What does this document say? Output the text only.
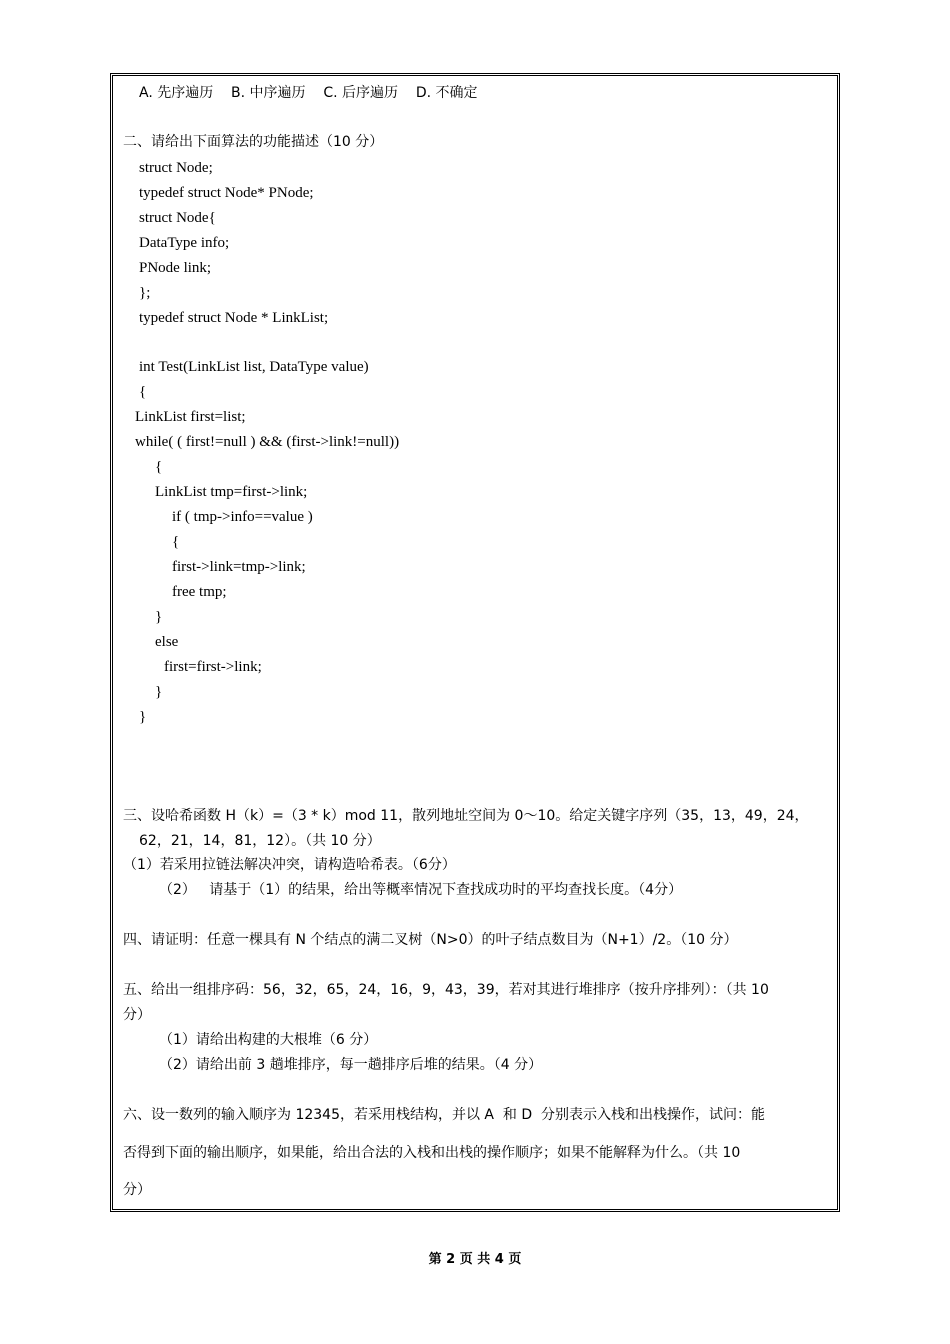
A. 先序遍历    B. 中序遍历    C. 后序遍历    D. 不确定
二、请给出下面算法的功能描述（10 分）
struct Node;
typedef struct Node* PNode;
struct Node{
DataType info;
PNode link;
};
typedef struct Node * LinkList;
int Test(LinkList list, DataType value)
{
LinkList first=list;
while( ( first!=null ) && (first->link!=null))
{
LinkList tmp=first->link;
if ( tmp->info==value )
{
first->link=tmp->link;
free tmp;
}
else
first=first->link;
}
}
三、设哈希函数 H（k）=（3 * k）mod 11，散列地址空间为 0～10。给定关键字序列（35，13，49，24，
62，21，14，81，12）。（共 10 分）
（1）若采用拉链法解决冲突，请构造哈希表。（6分）
（2）   请基于（1）的结果，给出等概率情况下查找成功时的平均查找长度。（4分）
四、请证明：任意一棵具有 N 个结点的满二叉树（N>0）的叶子结点数目为（N+1）/2。（10 分）
五、给出一组排序码：56，32，65，24，16，9，43，39，若对其进行堆排序（按升序排列）：（共 10
分）
（1）请给出构建的大根堆（6 分）
（2）请给出前 3 趟堆排序，每一趟排序后堆的结果。（4 分）
六、设一数列的输入顺序为 12345，若采用栈结构，并以 A  和 D  分别表示入栈和出栈操作，试问：能
否得到下面的输出顺序，如果能，给出合法的入栈和出栈的操作顺序；如果不能解释为什么。（共 10
分）
第 2 页 共 4 页
